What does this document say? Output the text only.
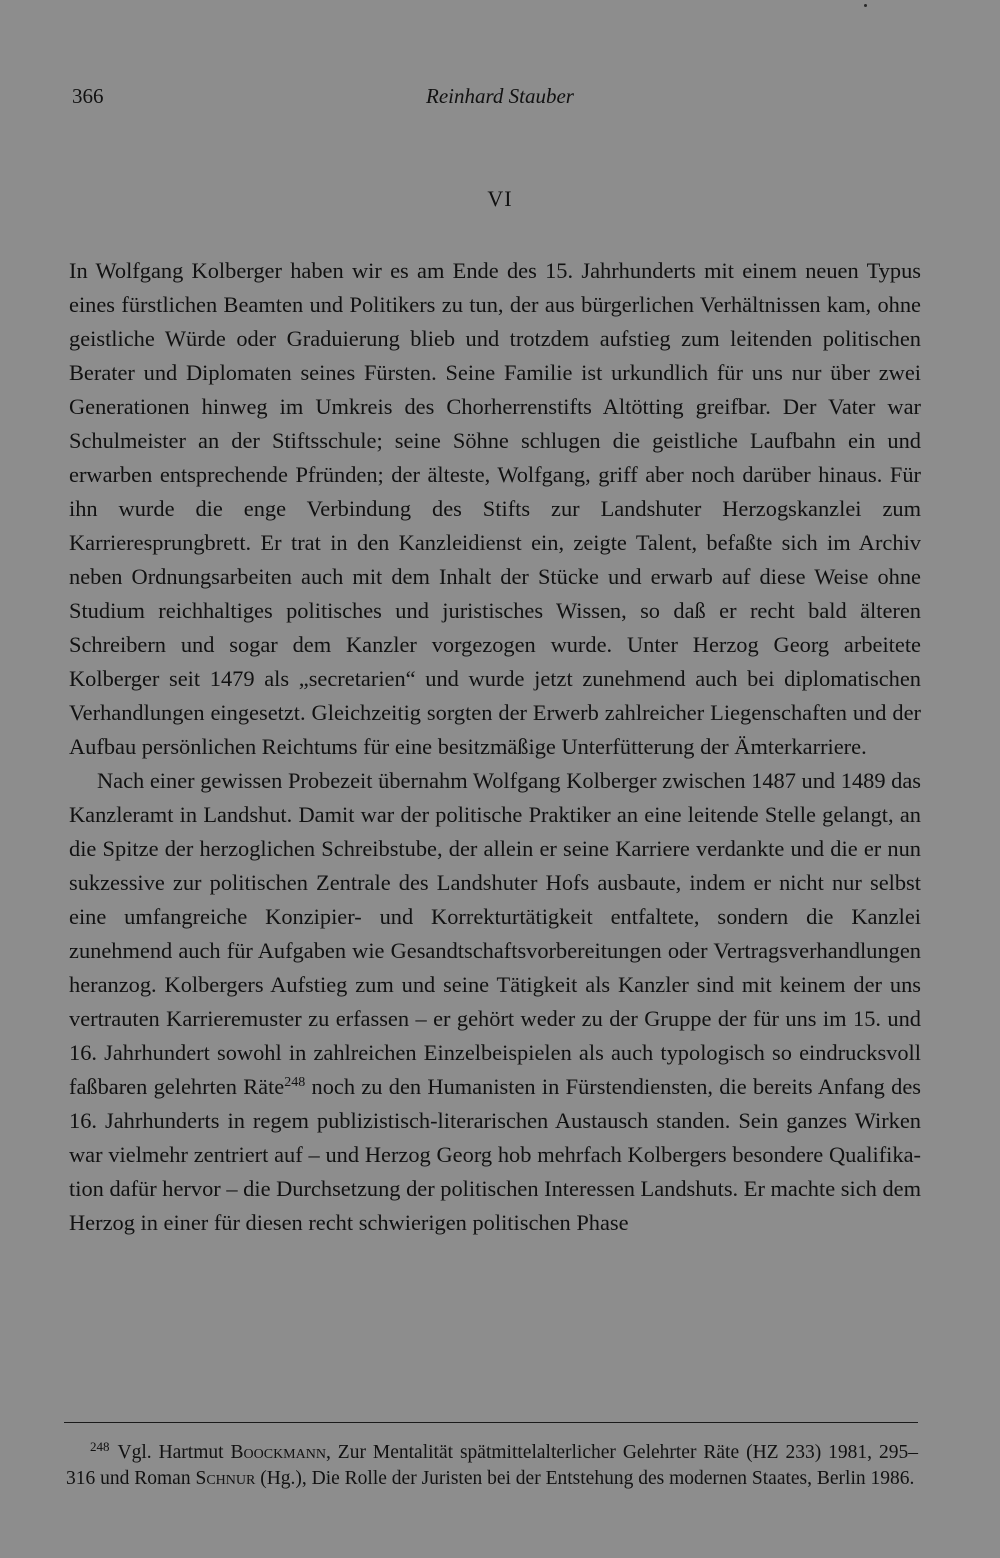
366	Reinhard Stauber
VI

In Wolfgang Kolberger haben wir es am Ende des 15. Jahrhunderts mit einem neuen Typus eines fürstlichen Beamten und Politikers zu tun, der aus bürgerlichen Verhältnissen kam, ohne geistliche Würde oder Graduierung blieb und trotzdem aufstieg zum leitenden politischen Berater und Diplomaten seines Fürsten. Seine Familie ist urkundlich für uns nur über zwei Generationen hinweg im Umkreis des Chorherrenstifts Altötting greifbar. Der Vater war Schulmeister an der Stiftsschule; seine Söhne schlugen die geistliche Laufbahn ein und erwarben entsprechende Pfründen; der älteste, Wolfgang, griff aber noch darüber hinaus. Für ihn wurde die enge Verbindung des Stifts zur Landshuter Herzogskanzlei zum Karrieresprungbrett. Er trat in den Kanzleidienst ein, zeigte Talent, befaßte sich im Archiv neben Ordnungsarbeiten auch mit dem Inhalt der Stücke und erwarb auf diese Weise ohne Studium reichhaltiges politisches und juristisches Wissen, so daß er recht bald älteren Schreibern und sogar dem Kanzler vorgezogen wurde. Unter Herzog Georg arbeitete Kolberger seit 1479 als „secretarien“ und wurde jetzt zunehmend auch bei diplomatischen Verhandlungen eingesetzt. Gleichzeitig sorgten der Erwerb zahlreicher Liegenschaften und der Aufbau persönlichen Reichtums für eine besitzmäßige Unterfütterung der Ämterkarriere.

Nach einer gewissen Probezeit übernahm Wolfgang Kolberger zwischen 1487 und 1489 das Kanzleramt in Landshut. Damit war der politische Praktiker an eine leitende Stelle gelangt, an die Spitze der herzoglichen Schreibstube, der allein er seine Karriere verdankte und die er nun sukzessive zur politischen Zentrale des Landshuter Hofs ausbaute, indem er nicht nur selbst eine umfangreiche Konzipier- und Korrekturtätigkeit entfaltete, sondern die Kanzlei zunehmend auch für Aufgaben wie Gesandtschaftsvorbereitungen oder Vertragsverhandlungen heranzog. Kolbergers Aufstieg zum und seine Tätigkeit als Kanzler sind mit keinem der uns vertrauten Karrieremuster zu erfassen – er gehört weder zu der Gruppe der für uns im 15. und 16. Jahrhundert sowohl in zahlreichen Einzelbeispielen als auch typologisch so eindrucksvoll faßbaren gelehrten Räte$^{248}$ noch zu den Humanisten in Fürstendiensten, die bereits Anfang des 16. Jahrhunderts in regem publizistisch-literarischen Austausch standen. Sein ganzes Wirken war vielmehr zentriert auf – und Herzog Georg hob mehrfach Kolbergers besondere Qualifikation dafür hervor – die Durchsetzung der politischen Interessen Landshuts. Er machte sich dem Herzog in einer für diesen recht schwierigen politischen Phase

$^{248}$ Vgl. Hartmut Boockmann, Zur Mentalität spätmittelalterlicher Gelehrter Räte (HZ 233) 1981, 295–316 und Roman Schnur (Hg.), Die Rolle der Juristen bei der Entstehung des modernen Staates, Berlin 1986.
